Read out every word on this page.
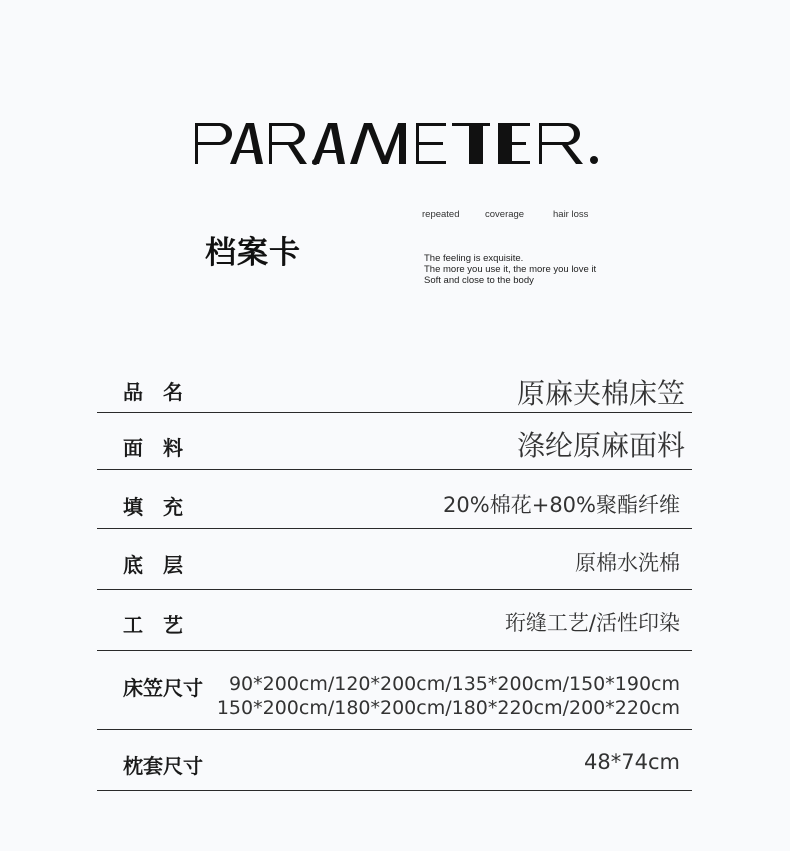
档案卡
repeated	coverage	hair loss
The feeling is exquisite.
The more you use it, the more you love it
Soft and close to the body
品　名	原麻夹棉床笠
面　料	涤纶原麻面料
填　充	20%棉花+80%聚酯纤维
底　层	原棉水洗棉
工　艺	珩缝工艺/活性印染
床笠尺寸	90*200cm/120*200cm/135*200cm/150*190cm
150*200cm/180*200cm/180*220cm/200*220cm
枕套尺寸	48*74cm
